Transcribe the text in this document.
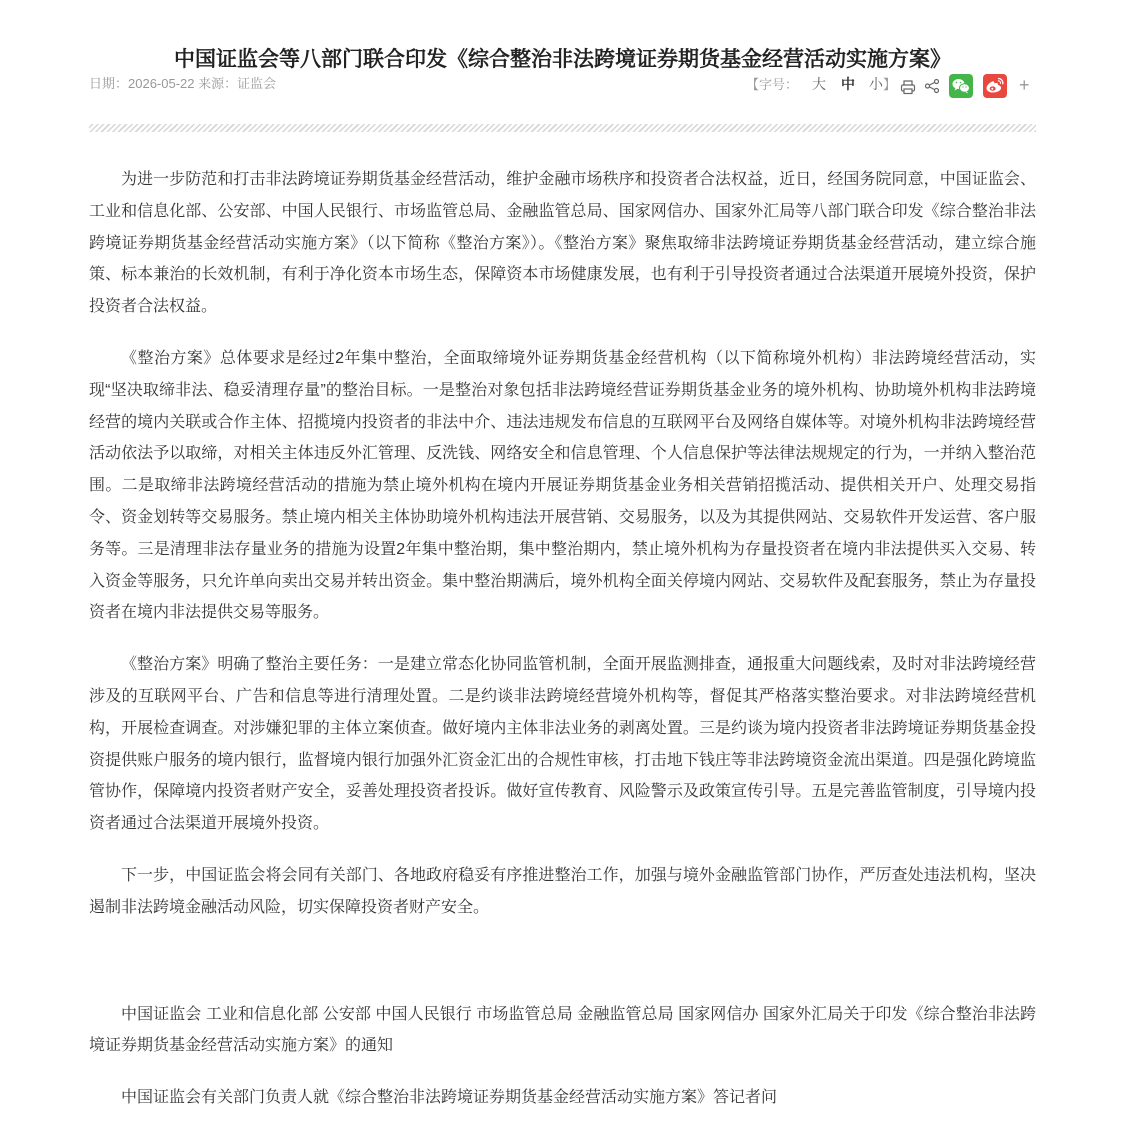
中国证监会等八部门联合印发《综合整治非法跨境证券期货基金经营活动实施方案》
日期：2026-05-22 来源：证监会	【字号： 大 中 小】	+

为进一步防范和打击非法跨境证券期货基金经营活动，维护金融市场秩序和投资者合法权益，近日，经国务院同意，中国证监会、工业和信息化部、公安部、中国人民银行、市场监管总局、金融监管总局、国家网信办、国家外汇局等八部门联合印发《综合整治非法跨境证券期货基金经营活动实施方案》（以下简称《整治方案》）。《整治方案》聚焦取缔非法跨境证券期货基金经营活动，建立综合施策、标本兼治的长效机制，有利于净化资本市场生态，保障资本市场健康发展，也有利于引导投资者通过合法渠道开展境外投资，保护投资者合法权益。

《整治方案》总体要求是经过2年集中整治，全面取缔境外证券期货基金经营机构（以下简称境外机构）非法跨境经营活动，实现“坚决取缔非法、稳妥清理存量”的整治目标。一是整治对象包括非法跨境经营证券期货基金业务的境外机构、协助境外机构非法跨境经营的境内关联或合作主体、招揽境内投资者的非法中介、违法违规发布信息的互联网平台及网络自媒体等。对境外机构非法跨境经营活动依法予以取缔，对相关主体违反外汇管理、反洗钱、网络安全和信息管理、个人信息保护等法律法规规定的行为，一并纳入整治范围。二是取缔非法跨境经营活动的措施为禁止境外机构在境内开展证券期货基金业务相关营销招揽活动、提供相关开户、处理交易指令、资金划转等交易服务。禁止境内相关主体协助境外机构违法开展营销、交易服务，以及为其提供网站、交易软件开发运营、客户服务等。三是清理非法存量业务的措施为设置2年集中整治期，集中整治期内，禁止境外机构为存量投资者在境内非法提供买入交易、转入资金等服务，只允许单向卖出交易并转出资金。集中整治期满后，境外机构全面关停境内网站、交易软件及配套服务，禁止为存量投资者在境内非法提供交易等服务。

《整治方案》明确了整治主要任务：一是建立常态化协同监管机制，全面开展监测排查，通报重大问题线索，及时对非法跨境经营涉及的互联网平台、广告和信息等进行清理处置。二是约谈非法跨境经营境外机构等，督促其严格落实整治要求。对非法跨境经营机构，开展检查调查。对涉嫌犯罪的主体立案侦查。做好境内主体非法业务的剥离处置。三是约谈为境内投资者非法跨境证券期货基金投资提供账户服务的境内银行，监督境内银行加强外汇资金汇出的合规性审核，打击地下钱庄等非法跨境资金流出渠道。四是强化跨境监管协作，保障境内投资者财产安全，妥善处理投资者投诉。做好宣传教育、风险警示及政策宣传引导。五是完善监管制度，引导境内投资者通过合法渠道开展境外投资。

下一步，中国证监会将会同有关部门、各地政府稳妥有序推进整治工作，加强与境外金融监管部门协作，严厉查处违法机构，坚决遏制非法跨境金融活动风险，切实保障投资者财产安全。

中国证监会 工业和信息化部 公安部 中国人民银行 市场监管总局 金融监管总局 国家网信办 国家外汇局关于印发《综合整治非法跨境证券期货基金经营活动实施方案》的通知

中国证监会有关部门负责人就《综合整治非法跨境证券期货基金经营活动实施方案》答记者问
